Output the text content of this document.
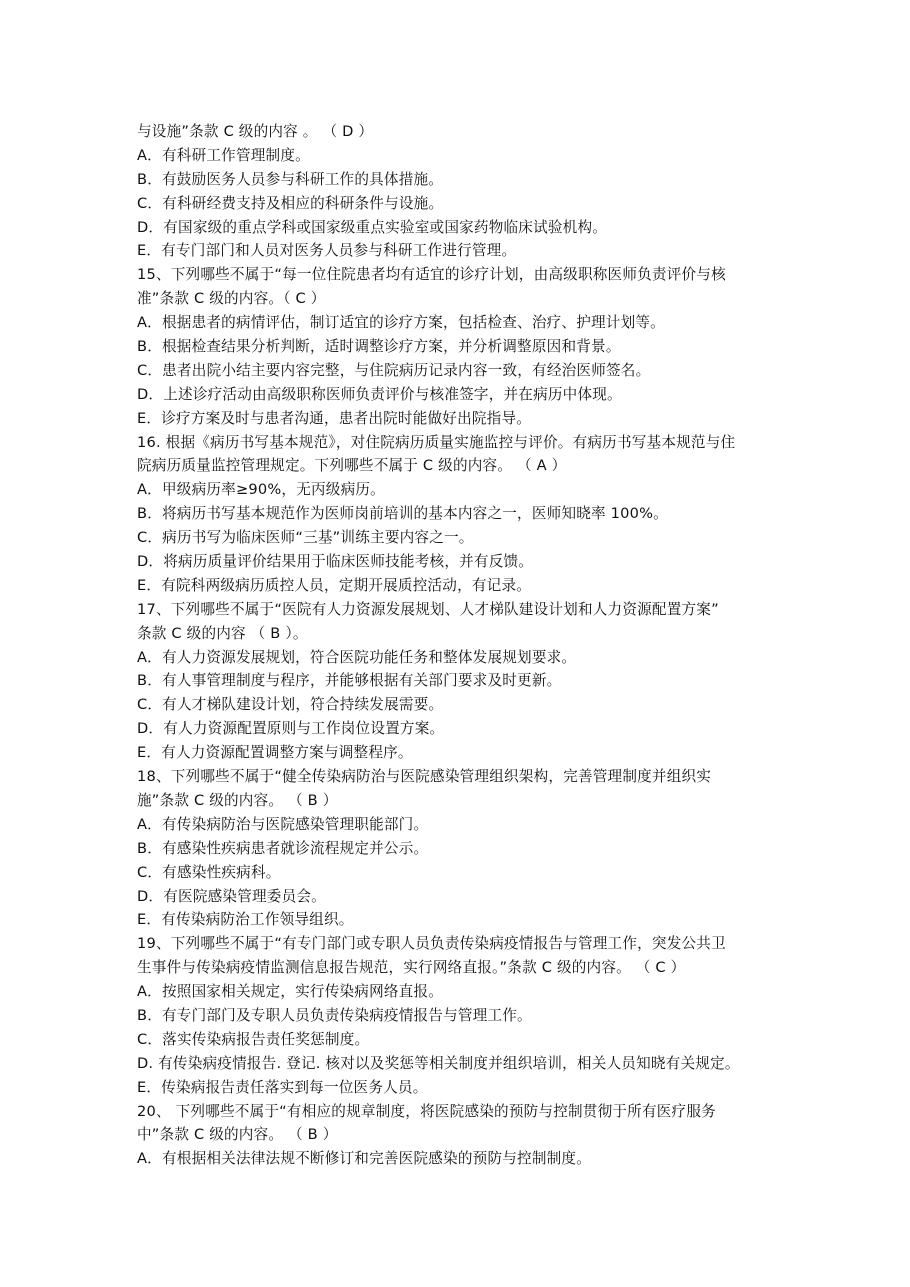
与设施”条款 C 级的内容 。 （ D ）
A．有科研工作管理制度。
B．有鼓励医务人员参与科研工作的具体措施。
C．有科研经费支持及相应的科研条件与设施。
D．有国家级的重点学科或国家级重点实验室或国家药物临床试验机构。
E．有专门部门和人员对医务人员参与科研工作进行管理。
15、下列哪些不属于“每一位住院患者均有适宜的诊疗计划，由高级职称医师负责评价与核
准”条款 C 级的内容。（ C ）
A．根据患者的病情评估，制订适宜的诊疗方案，包括检查、治疗、护理计划等。
B．根据检查结果分析判断，适时调整诊疗方案，并分析调整原因和背景。
C．患者出院小结主要内容完整，与住院病历记录内容一致，有经治医师签名。
D．上述诊疗活动由高级职称医师负责评价与核准签字，并在病历中体现。
E．诊疗方案及时与患者沟通，患者出院时能做好出院指导。
16. 根据《病历书写基本规范》，对住院病历质量实施监控与评价。有病历书写基本规范与住
院病历质量监控管理规定。下列哪些不属于 C 级的内容。 （ A ）
A．甲级病历率≥90%，无丙级病历。
B．将病历书写基本规范作为医师岗前培训的基本内容之一，医师知晓率 100%。
C．病历书写为临床医师“三基”训练主要内容之一。
D．将病历质量评价结果用于临床医师技能考核，并有反馈。
E．有院科两级病历质控人员，定期开展质控活动，有记录。
17、下列哪些不属于“医院有人力资源发展规划、人才梯队建设计划和人力资源配置方案”
条款 C 级的内容 （ B ）。
A．有人力资源发展规划，符合医院功能任务和整体发展规划要求。
B．有人事管理制度与程序，并能够根据有关部门要求及时更新。
C．有人才梯队建设计划，符合持续发展需要。
D．有人力资源配置原则与工作岗位设置方案。
E．有人力资源配置调整方案与调整程序。
18、下列哪些不属于“健全传染病防治与医院感染管理组织架构，完善管理制度并组织实
施”条款 C 级的内容。 （ B ）
A．有传染病防治与医院感染管理职能部门。
B．有感染性疾病患者就诊流程规定并公示。
C．有感染性疾病科。
D．有医院感染管理委员会。
E．有传染病防治工作领导组织。
19、下列哪些不属于“有专门部门或专职人员负责传染病疫情报告与管理工作，突发公共卫
生事件与传染病疫情监测信息报告规范，实行网络直报。”条款 C 级的内容。 （ C ）
A．按照国家相关规定，实行传染病网络直报。
B．有专门部门及专职人员负责传染病疫情报告与管理工作。
C．落实传染病报告责任奖惩制度。
D. 有传染病疫情报告. 登记. 核对以及奖惩等相关制度并组织培训，相关人员知晓有关规定。
E．传染病报告责任落实到每一位医务人员。
20、 下列哪些不属于“有相应的规章制度，将医院感染的预防与控制贯彻于所有医疗服务
中”条款 C 级的内容。 （ B ）
A．有根据相关法律法规不断修订和完善医院感染的预防与控制制度。
